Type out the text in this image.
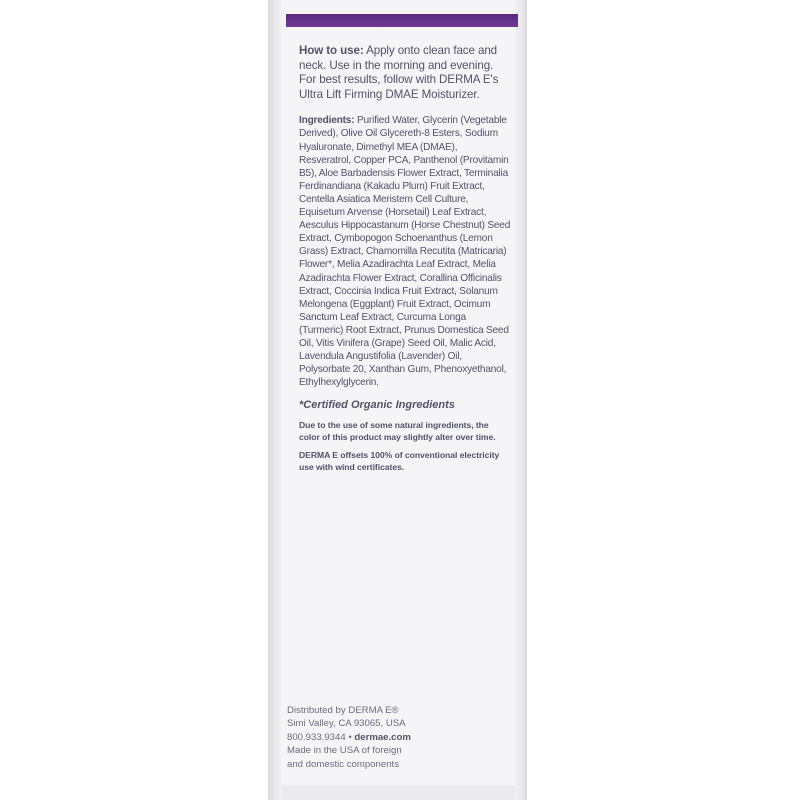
How to use: Apply onto clean face and neck. Use in the morning and evening. For best results, follow with DERMA E's Ultra Lift Firming DMAE Moisturizer.

Ingredients: Purified Water, Glycerin (Vegetable Derived), Olive Oil Glycereth-8 Esters, Sodium Hyaluronate, Dimethyl MEA (DMAE), Resveratrol, Copper PCA, Panthenol (Provitamin B5), Aloe Barbadensis Flower Extract, Terminalia Ferdinandiana (Kakadu Plum) Fruit Extract, Centella Asiatica Meristem Cell Culture, Equisetum Arvense (Horsetail) Leaf Extract, Aesculus Hippocastanum (Horse Chestnut) Seed Extract, Cymbopogon Schoenanthus (Lemon Grass) Extract, Chamomilla Recutita (Matricaria) Flower*, Melia Azadirachta Leaf Extract, Melia Azadirachta Flower Extract, Corallina Officinalis Extract, Coccinia Indica Fruit Extract, Solanum Melongena (Eggplant) Fruit Extract, Ocimum Sanctum Leaf Extract, Curcuma Longa (Turmeric) Root Extract, Prunus Domestica Seed Oil, Vitis Vinifera (Grape) Seed Oil, Malic Acid, Lavendula Angustifolia (Lavender) Oil, Polysorbate 20, Xanthan Gum, Phenoxyethanol, Ethylhexylglycerin.

*Certified Organic Ingredients

Due to the use of some natural ingredients, the color of this product may slightly alter over time.

DERMA E offsets 100% of conventional electricity use with wind certificates.

Distributed by DERMA E®
Simi Valley, CA 93065, USA
800.933.9344 • dermae.com
Made in the USA of foreign
and domestic components
